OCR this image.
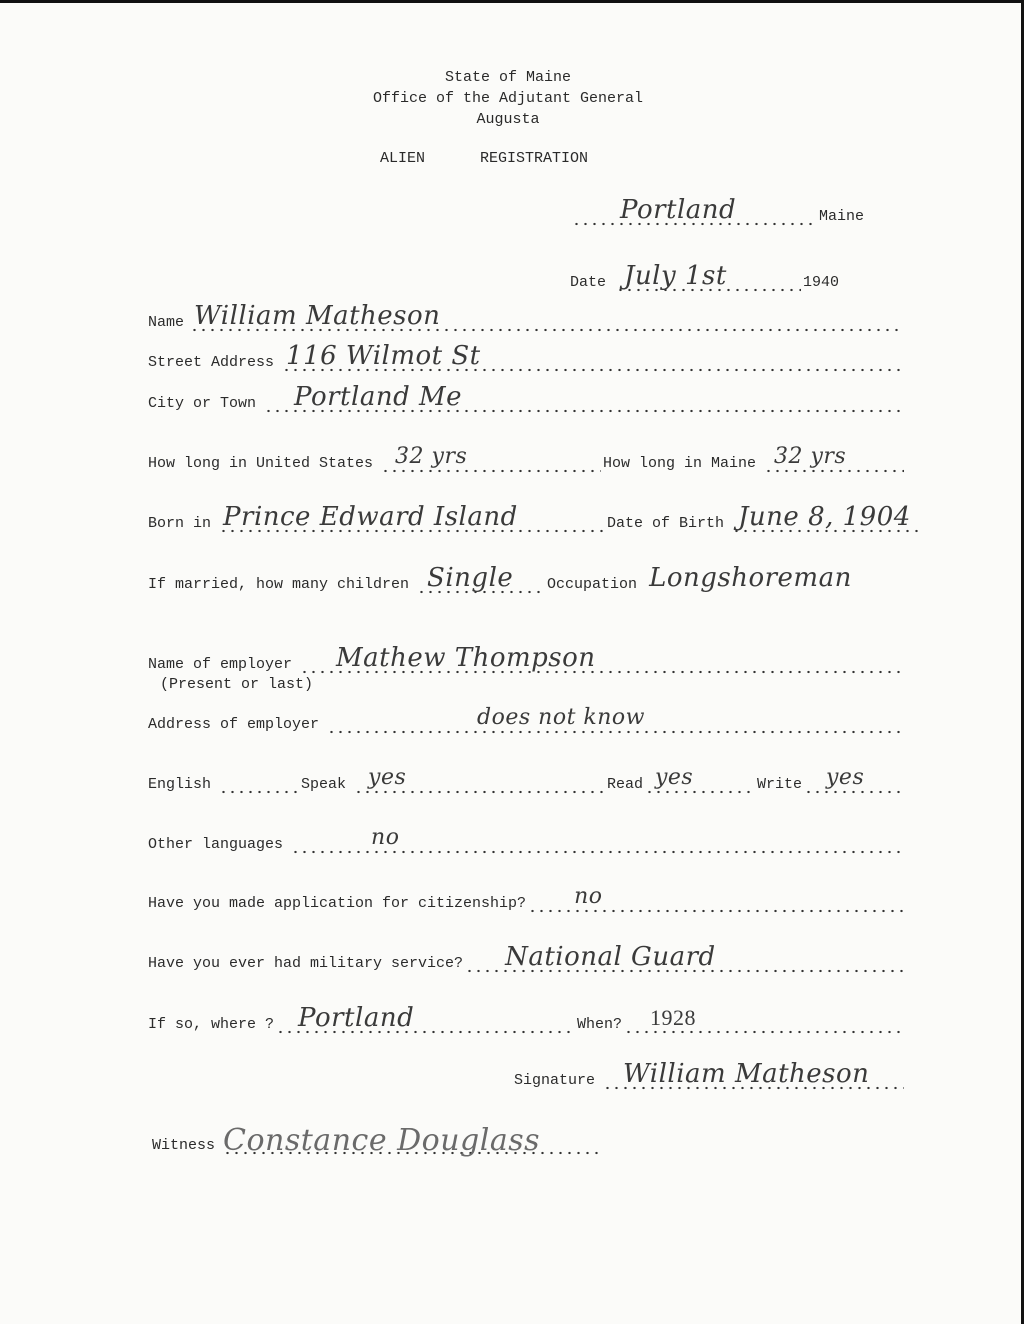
State of Maine
Office of the Adjutant General
Augusta
ALIEN	REGISTRATION
Portland	Maine
Date July 1st	1940
Name William Matheson
Street Address 116 Wilmot St
City or Town Portland Me
How long in United States 32 yrs	How long in Maine 32 yrs
Born in Prince Edward Island	Date of Birth June 8, 1904
If married, how many children Single Occupation Longshoreman
Name of employer Mathew Thompson
(Present or last)
Address of employer	does not know
English	Speak yes	Read yes	Write yes
Other languages	no
Have you made application for citizenship? no
Have you ever had military service? National Guard
If so, where ? Portland	When? 1928
Signature William Matheson
Witness Constance Douglass
